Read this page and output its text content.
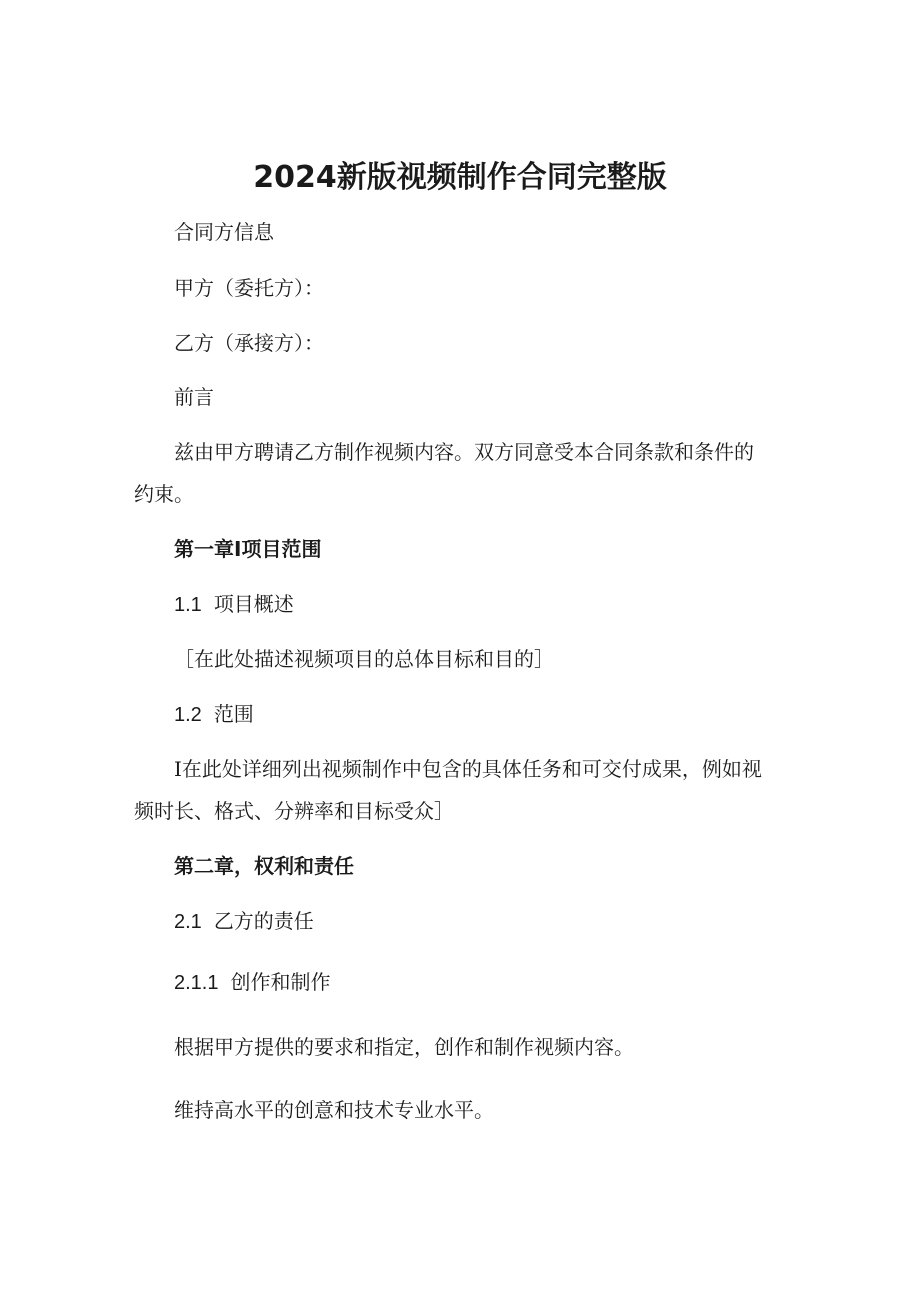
2024新版视频制作合同完整版
合同方信息
甲方（委托方）：
乙方（承接方）：
前言
兹由甲方聘请乙方制作视频内容。双方同意受本合同条款和条件的
约束。
第一章I项目范围
1.1 项目概述
［在此处描述视频项目的总体目标和目的］
1.2 范围
I在此处详细列出视频制作中包含的具体任务和可交付成果，例如视
频时长、格式、分辨率和目标受众］
第二章，权利和责任
2.1 乙方的责任
2.1.1 创作和制作
根据甲方提供的要求和指定，创作和制作视频内容。
维持高水平的创意和技术专业水平。
